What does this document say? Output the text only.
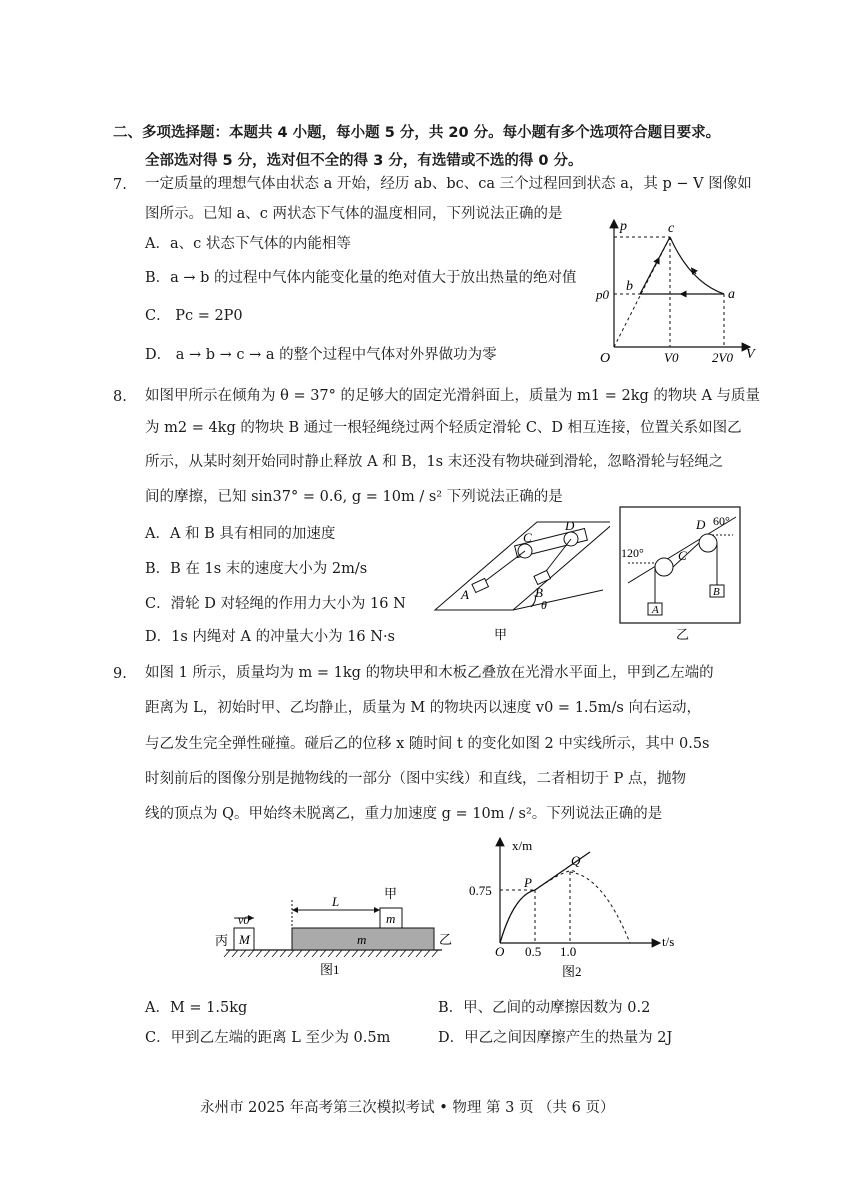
二、多项选择题：本题共 4 小题，每小题 5 分，共 20 分。每小题有多个选项符合题目要求。
全部选对得 5 分，选对但不全的得 3 分，有选错或不选的得 0 分。
7. 一定质量的理想气体由状态 a 开始，经历 ab、bc、ca 三个过程回到状态 a，其 p − V 图像如
图所示。已知 a、c 两状态下气体的温度相同，下列说法正确的是
A．a、c 状态下气体的内能相等
B．a → b 的过程中气体内能变化量的绝对值大于放出热量的绝对值
C． Pc = 2P0
D． a → b → c → a 的整个过程中气体对外界做功为零
p
V
O
p0
V0	2V0
a
b
c
8. 如图甲所示在倾角为 θ = 37° 的足够大的固定光滑斜面上，质量为 m1 = 2kg 的物块 A 与质量
为 m2 = 4kg 的物块 B 通过一根轻绳绕过两个轻质定滑轮 C、D 相互连接，位置关系如图乙
所示，从某时刻开始同时静止释放 A 和 B，1s 末还没有物块碰到滑轮，忽略滑轮与轻绳之
间的摩擦，已知 sin37° = 0.6, g = 10m / s² 下列说法正确的是
A．A 和 B 具有相同的加速度
B．B 在 1s 末的速度大小为 2m/s
C．滑轮 D 对轻绳的作用力大小为 16 N
D．1s 内绳对 A 的冲量大小为 16 N·s
C
D
A	B
θ
甲
C
D
A
B
120°
60°
乙
9. 如图 1 所示，质量均为 m = 1kg 的物块甲和木板乙叠放在光滑水平面上，甲到乙左端的
距离为 L，初始时甲、乙均静止，质量为 M 的物块丙以速度 v0 = 1.5m/s 向右运动，
与乙发生完全弹性碰撞。碰后乙的位移 x 随时间 t 的变化如图 2 中实线所示，其中 0.5s
时刻前后的图像分别是抛物线的一部分（图中实线）和直线，二者相切于 P 点，抛物
线的顶点为 Q。甲始终未脱离乙，重力加速度 g = 10m / s²。下列说法正确的是
v0
M
丙
L
m
m
甲
乙
图1
x/m
t/s
O
P
Q
0.75
0.5 1.0
图2
A．M = 1.5kg	B．甲、乙间的动摩擦因数为 0.2
C．甲到乙左端的距离 L 至少为 0.5m	D．甲乙之间因摩擦产生的热量为 2J
永州市 2025 年高考第三次模拟考试 • 物理 第 3 页 （共 6 页）
